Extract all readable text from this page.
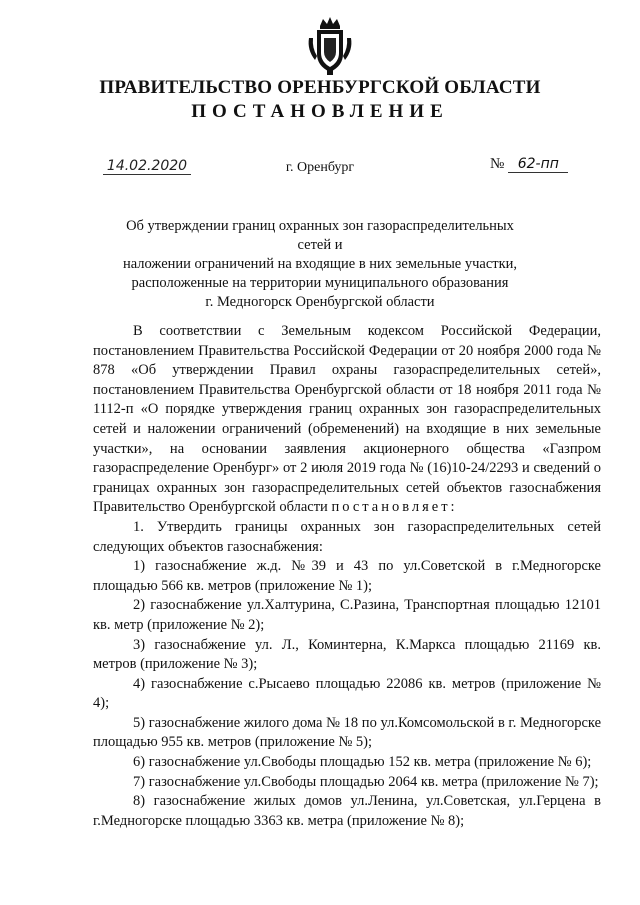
ПРАВИТЕЛЬСТВО ОРЕНБУРГСКОЙ ОБЛАСТИ
ПОСТАНОВЛЕНИЕ
14.02.2020	г. Оренбург	№ 62-пп
Об утверждении границ охранных зон газораспределительных сетей и
наложении ограничений на входящие в них земельные участки,
расположенные на территории муниципального образования
г. Медногорск Оренбургской области

В соответствии с Земельным кодексом Российской Федерации, постановлением Правительства Российской Федерации от 20 ноября 2000 года № 878 «Об утверждении Правил охраны газораспределительных сетей», постановлением Правительства Оренбургской области от 18 ноября 2011 года № 1112-п «О порядке утверждения границ охранных зон газораспределительных сетей и наложении ограничений (обременений) на входящие в них земельные участки», на основании заявления акционерного общества «Газпром газораспределение Оренбург» от 2 июля 2019 года № (16)10-24/2293 и сведений о границах охранных зон газораспределительных сетей объектов газоснабжения Правительство Оренбургской области постановляет:

1. Утвердить границы охранных зон газораспределительных сетей следующих объектов газоснабжения:

1) газоснабжение ж.д. №39 и 43 по ул.Советской в г.Медногорске площадью 566 кв. метров (приложение № 1);

2) газоснабжение ул.Халтурина, С.Разина, Транспортная площадью 12101 кв. метр (приложение № 2);

3) газоснабжение ул. Л., Коминтерна, К.Маркса площадью 21169 кв. метров (приложение № 3);

4) газоснабжение с.Рысаево площадью 22086 кв. метров (приложение № 4);

5) газоснабжение жилого дома № 18 по ул.Комсомольской в г. Медногорске площадью 955 кв. метров (приложение № 5);

6) газоснабжение ул.Свободы площадью 152 кв. метра (приложение № 6);

7) газоснабжение ул.Свободы площадью 2064 кв. метра (приложение № 7);

8) газоснабжение жилых домов ул.Ленина, ул.Советская, ул.Герцена в г.Медногорске площадью 3363 кв. метра (приложение № 8);
